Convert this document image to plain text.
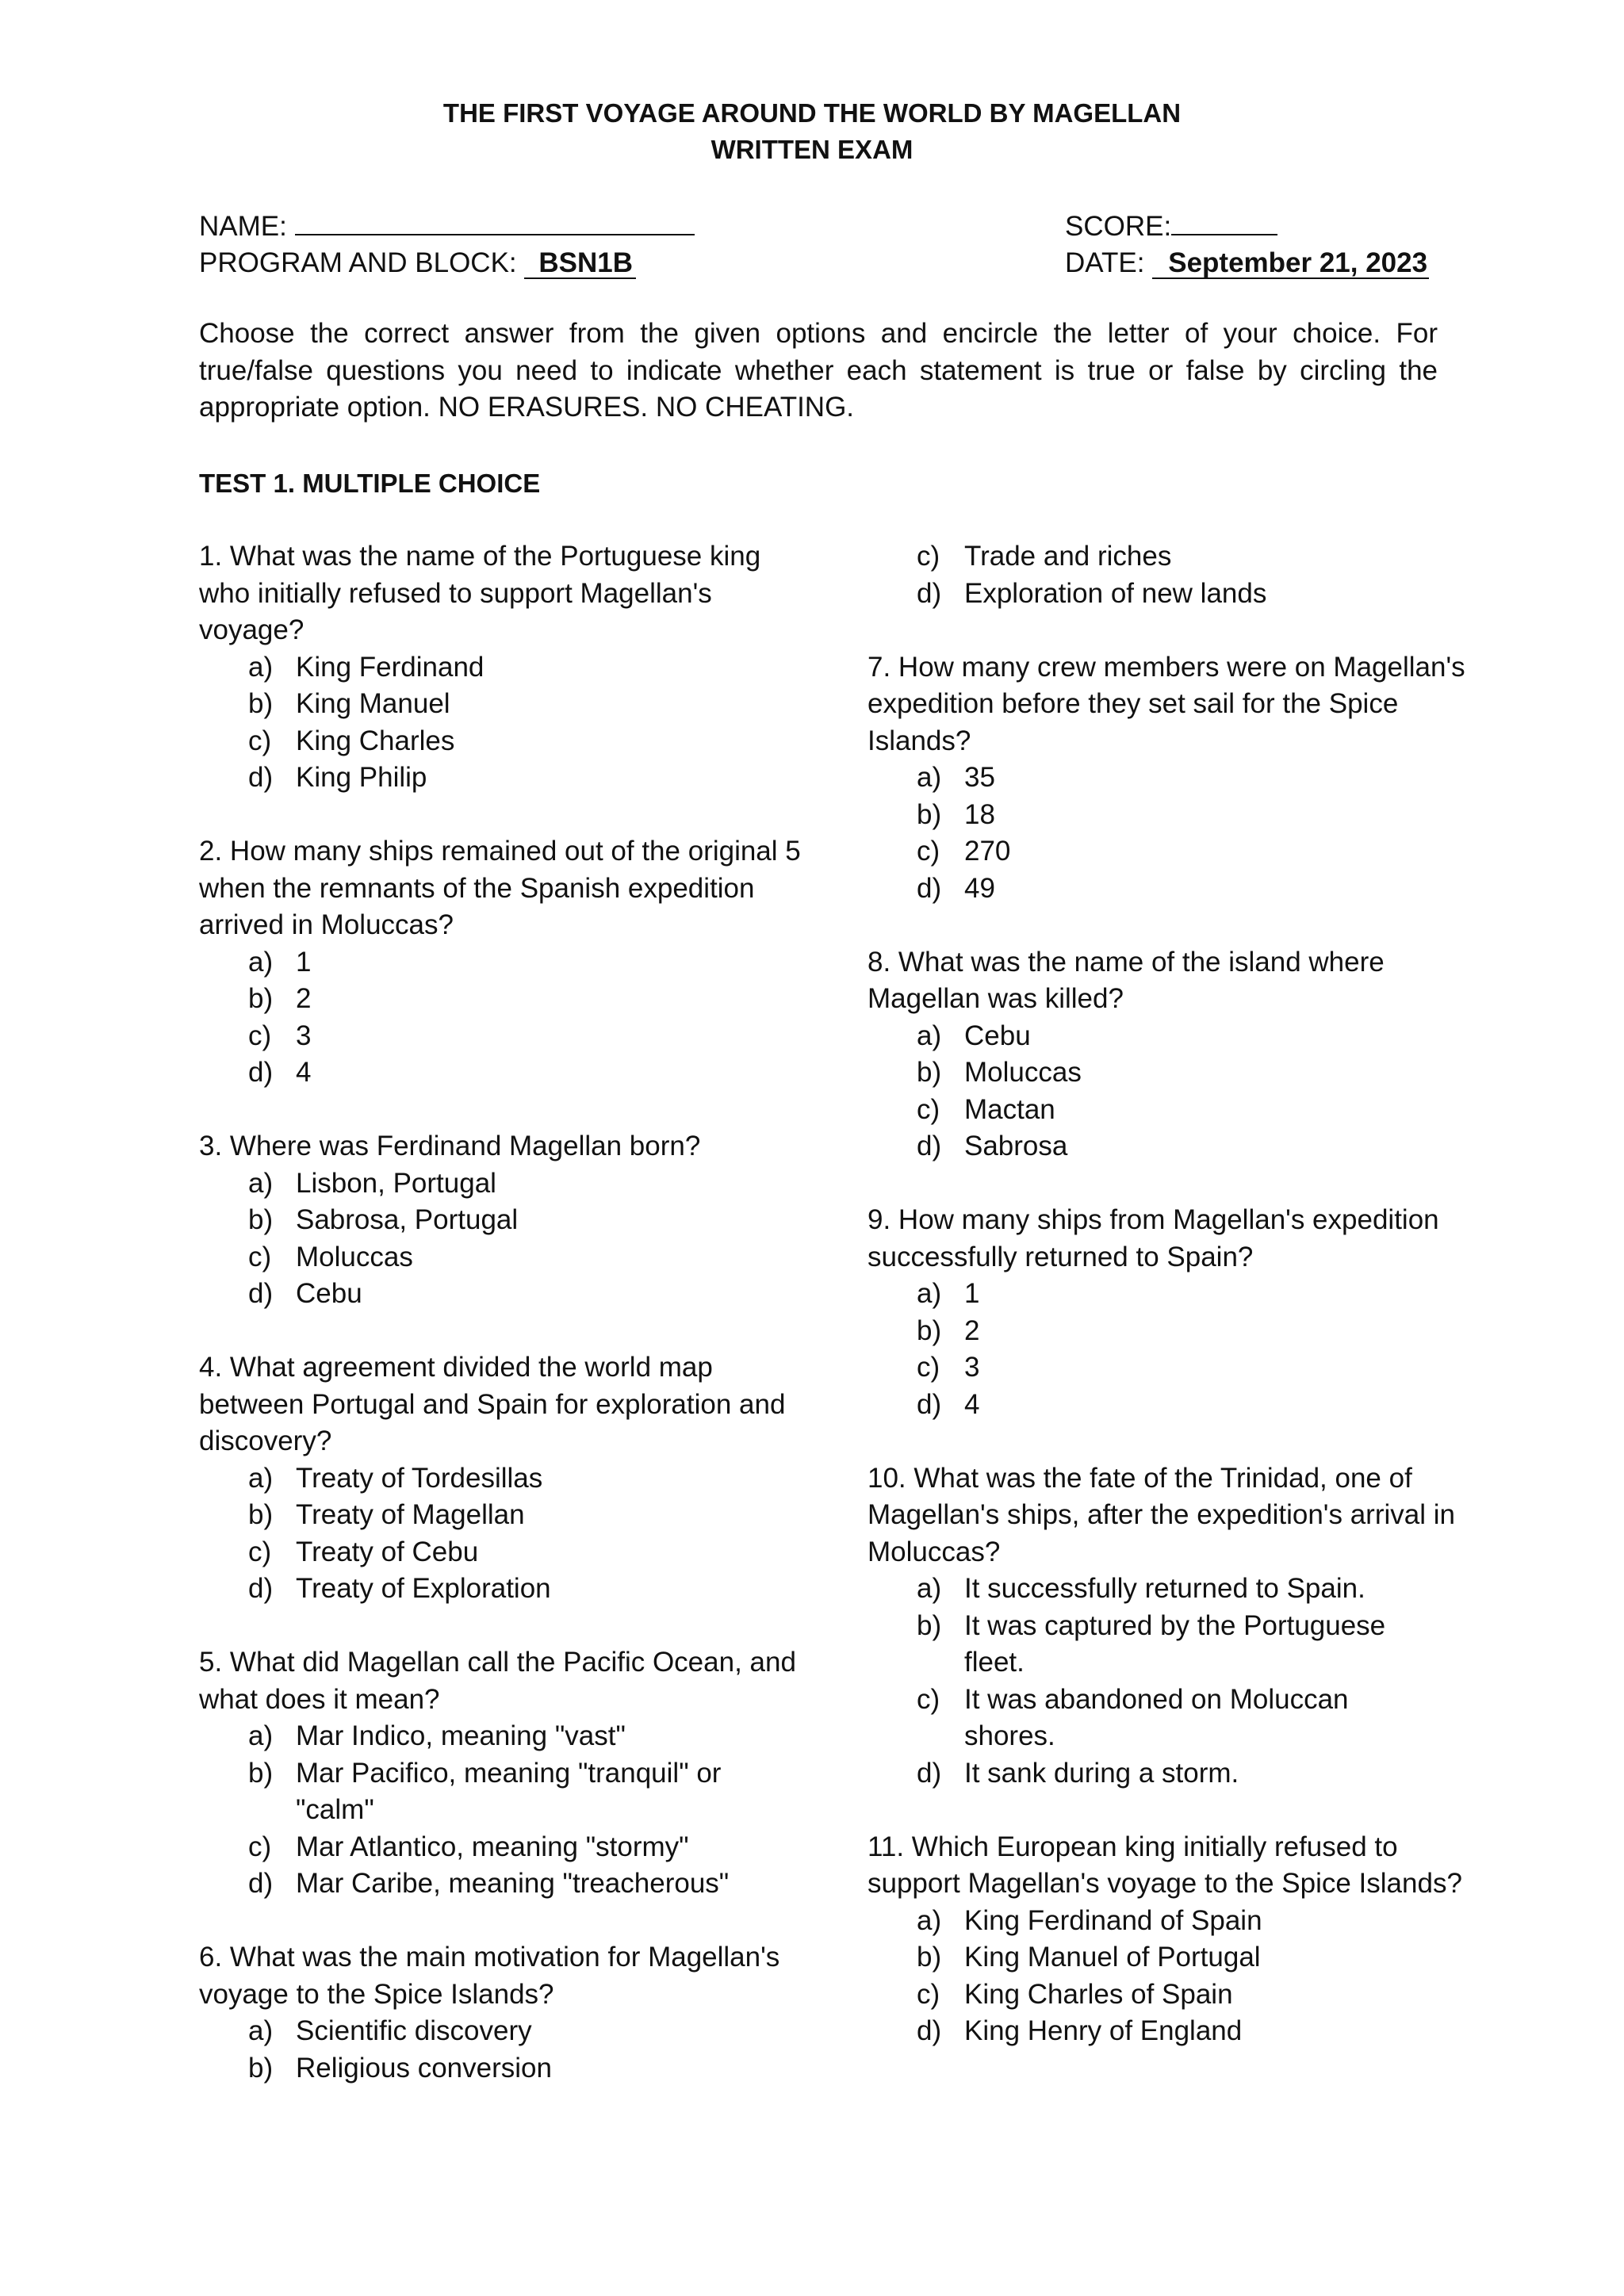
THE FIRST VOYAGE AROUND THE WORLD BY MAGELLAN
WRITTEN EXAM
NAME:	SCORE:
PROGRAM AND BLOCK: BSN1B	DATE: September 21, 2023

Choose the correct answer from the given options and encircle the letter of your choice. For true/false questions you need to indicate whether each statement is true or false by circling the appropriate option. NO ERASURES. NO CHEATING.

TEST 1. MULTIPLE CHOICE

1. What was the name of the Portuguese king who initially refused to support Magellan's voyage?

a) King Ferdinand
b) King Manuel
c) King Charles
d) King Philip

2. How many ships remained out of the original 5 when the remnants of the Spanish expedition arrived in Moluccas?

a) 1
b) 2
c) 3
d) 4

3. Where was Ferdinand Magellan born?

a) Lisbon, Portugal
b) Sabrosa, Portugal
c) Moluccas
d) Cebu

4. What agreement divided the world map between Portugal and Spain for exploration and discovery?

a) Treaty of Tordesillas
b) Treaty of Magellan
c) Treaty of Cebu
d) Treaty of Exploration

5. What did Magellan call the Pacific Ocean, and what does it mean?

a) Mar Indico, meaning "vast"
b) Mar Pacifico, meaning "tranquil" or "calm"
c) Mar Atlantico, meaning "stormy"
d) Mar Caribe, meaning "treacherous"

6. What was the main motivation for Magellan's voyage to the Spice Islands?

a) Scientific discovery
b) Religious conversion
c) Trade and riches
d) Exploration of new lands

7. How many crew members were on Magellan's expedition before they set sail for the Spice Islands?

a) 35
b) 18
c) 270
d) 49

8. What was the name of the island where Magellan was killed?

a) Cebu
b) Moluccas
c) Mactan
d) Sabrosa

9. How many ships from Magellan's expedition successfully returned to Spain?

a) 1
b) 2
c) 3
d) 4

10. What was the fate of the Trinidad, one of Magellan's ships, after the expedition's arrival in Moluccas?

a) It successfully returned to Spain.
b) It was captured by the Portuguese fleet.
c) It was abandoned on Moluccan shores.
d) It sank during a storm.

11. Which European king initially refused to support Magellan's voyage to the Spice Islands?

a) King Ferdinand of Spain
b) King Manuel of Portugal
c) King Charles of Spain
d) King Henry of England
